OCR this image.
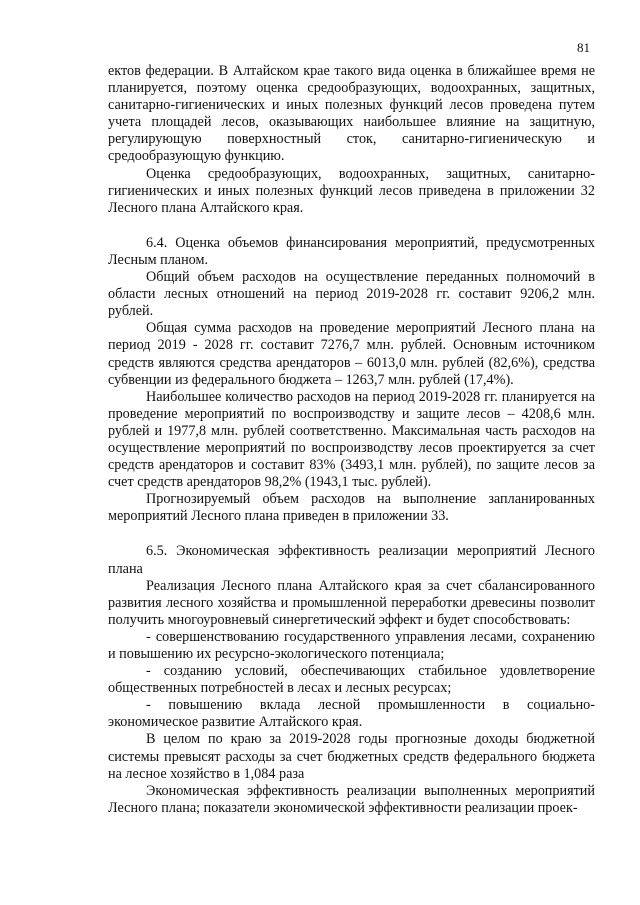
81

ектов федерации. В Алтайском крае такого вида оценка в ближайшее время не планируется, поэтому оценка средообразующих, водоохранных, защитных, санитарно-гигиенических и иных полезных функций лесов проведена путем учета площадей лесов, оказывающих наибольшее влияние на защитную, регулирующую поверхностный сток, санитарно-гигиеническую и средообразующую функцию.

Оценка средообразующих, водоохранных, защитных, санитарно-гигиенических и иных полезных функций лесов приведена в приложении 32 Лесного плана Алтайского края.

6.4. Оценка объемов финансирования мероприятий, предусмотренных Лесным планом.

Общий объем расходов на осуществление переданных полномочий в области лесных отношений на период 2019-2028 гг. составит 9206,2 млн. рублей.

Общая сумма расходов на проведение мероприятий Лесного плана на период 2019 - 2028 гг. составит 7276,7 млн. рублей. Основным источником средств являются средства арендаторов – 6013,0 млн. рублей (82,6%), средства субвенции из федерального бюджета – 1263,7 млн. рублей (17,4%).

Наибольшее количество расходов на период 2019-2028 гг. планируется на проведение мероприятий по воспроизводству и защите лесов – 4208,6 млн. рублей и 1977,8 млн. рублей соответственно. Максимальная часть расходов на осуществление мероприятий по воспроизводству лесов проектируется за счет средств арендаторов и составит 83% (3493,1 млн. рублей), по защите лесов за счет средств арендаторов 98,2% (1943,1 тыс. рублей).

Прогнозируемый объем расходов на выполнение запланированных мероприятий Лесного плана приведен в приложении 33.

6.5. Экономическая эффективность реализации мероприятий Лесного плана

Реализация Лесного плана Алтайского края за счет сбалансированного развития лесного хозяйства и промышленной переработки древесины позволит получить многоуровневый синергетический эффект и будет способствовать:

- совершенствованию государственного управления лесами, сохранению и повышению их ресурсно-экологического потенциала;

- созданию условий, обеспечивающих стабильное удовлетворение общественных потребностей в лесах и лесных ресурсах;

- повышению вклада лесной промышленности в социально-экономическое развитие Алтайского края.

В целом по краю за 2019-2028 годы прогнозные доходы бюджетной системы превысят расходы за счет бюджетных средств федерального бюджета на лесное хозяйство в 1,084 раза

Экономическая эффективность реализации выполненных мероприятий Лесного плана; показатели экономической эффективности реализации проек-
